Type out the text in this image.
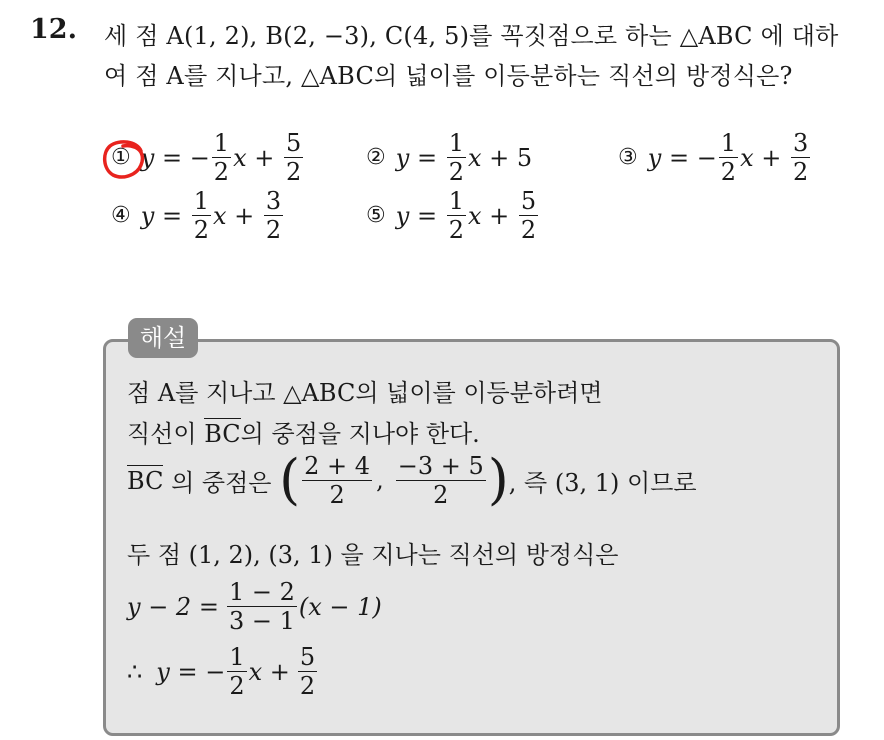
12. 세 점 A(1, 2), B(2, −3), C(4, 5)를 꼭짓점으로 하는 △ABC 에 대하
여 점 A를 지나고, △ABC의 넓이를 이등분하는 직선의 방정식은?
① y
=
− $\frac{1}{2}$ x
+
$\frac{5}{2}$	② y
=
$\frac{1}{2}$ x
+
5	③ y
=
− $\frac{1}{2}$ x
+
$\frac{3}{2}$
④ y
=
$\frac{1}{2}$ x
+
$\frac{3}{2}$	⑤ y
=
$\frac{1}{2}$ x
+
$\frac{5}{2}$
해설
점 A를 지나고 △ABC의 넓이를 이등분하려면
직선이 BC의 중점을 지나야 한다.
BC 의 중점은 ( $\frac{2 + 4}{2}$ , $\frac{-3 + 5}{2}$ ) , 즉 (3, 1) 이므로
두 점 (1, 2), (3, 1) 을 지나는 직선의 방정식은
$y - 2 = \frac{1 - 2}{3 - 1} (x - 1)$
∴ y = − $\frac{1}{2}$ $x + \frac{5}{2}$
